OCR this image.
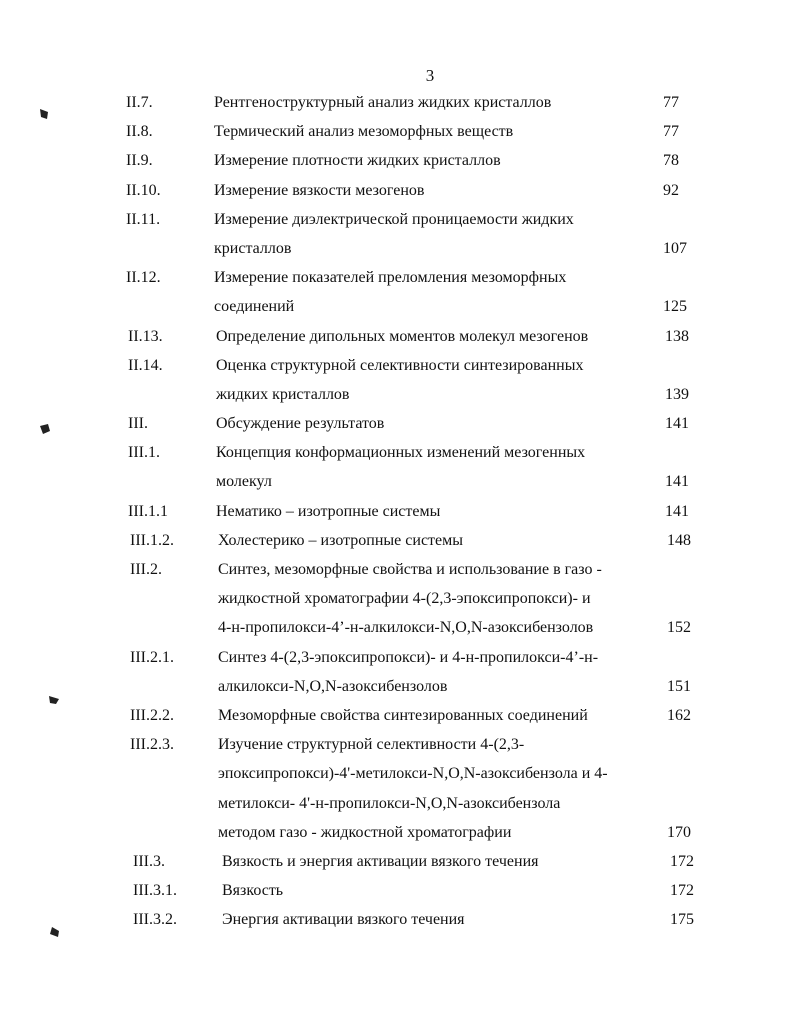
3
II.7.	Рентгеноструктурный анализ жидких кристаллов	77
II.8.	Термический анализ мезоморфных веществ	77
II.9.	Измерение плотности жидких кристаллов	78
II.10.	Измерение вязкости мезогенов	92
II.11.	Измерение диэлектрической проницаемости жидких
кристаллов	107
II.12.	Измерение показателей преломления мезоморфных
соединений	125
II.13.	Определение дипольных моментов молекул мезогенов	138
II.14.	Оценка структурной селективности синтезированных
жидких кристаллов	139
III.	Обсуждение результатов	141
III.1.	Концепция конформационных изменений мезогенных
молекул	141
III.1.1	Нематико – изотропные системы	141
III.1.2.	Холестерико – изотропные системы	148
III.2.	Синтез, мезоморфные свойства и использование в газо -
жидкостной хроматографии 4-(2,3-эпоксипропокси)- и
4-н-пропилокси-4’-н-алкилокси-N,O,N-азоксибензолов	152
III.2.1.	Синтез 4-(2,3-эпоксипропокси)- и 4-н-пропилокси-4’-н-
алкилокси-N,O,N-азоксибензолов	151
III.2.2.	Мезоморфные свойства синтезированных соединений	162
III.2.3.	Изучение структурной селективности 4-(2,3-
эпоксипропокси)-4'-метилокси-N,O,N-азоксибензола и 4-
метилокси- 4'-н-пропилокси-N,O,N-азоксибензола
методом газо - жидкостной хроматографии	170
III.3.	Вязкость и энергия активации вязкого течения	172
III.3.1.	Вязкость	172
III.3.2.	Энергия активации вязкого течения	175
